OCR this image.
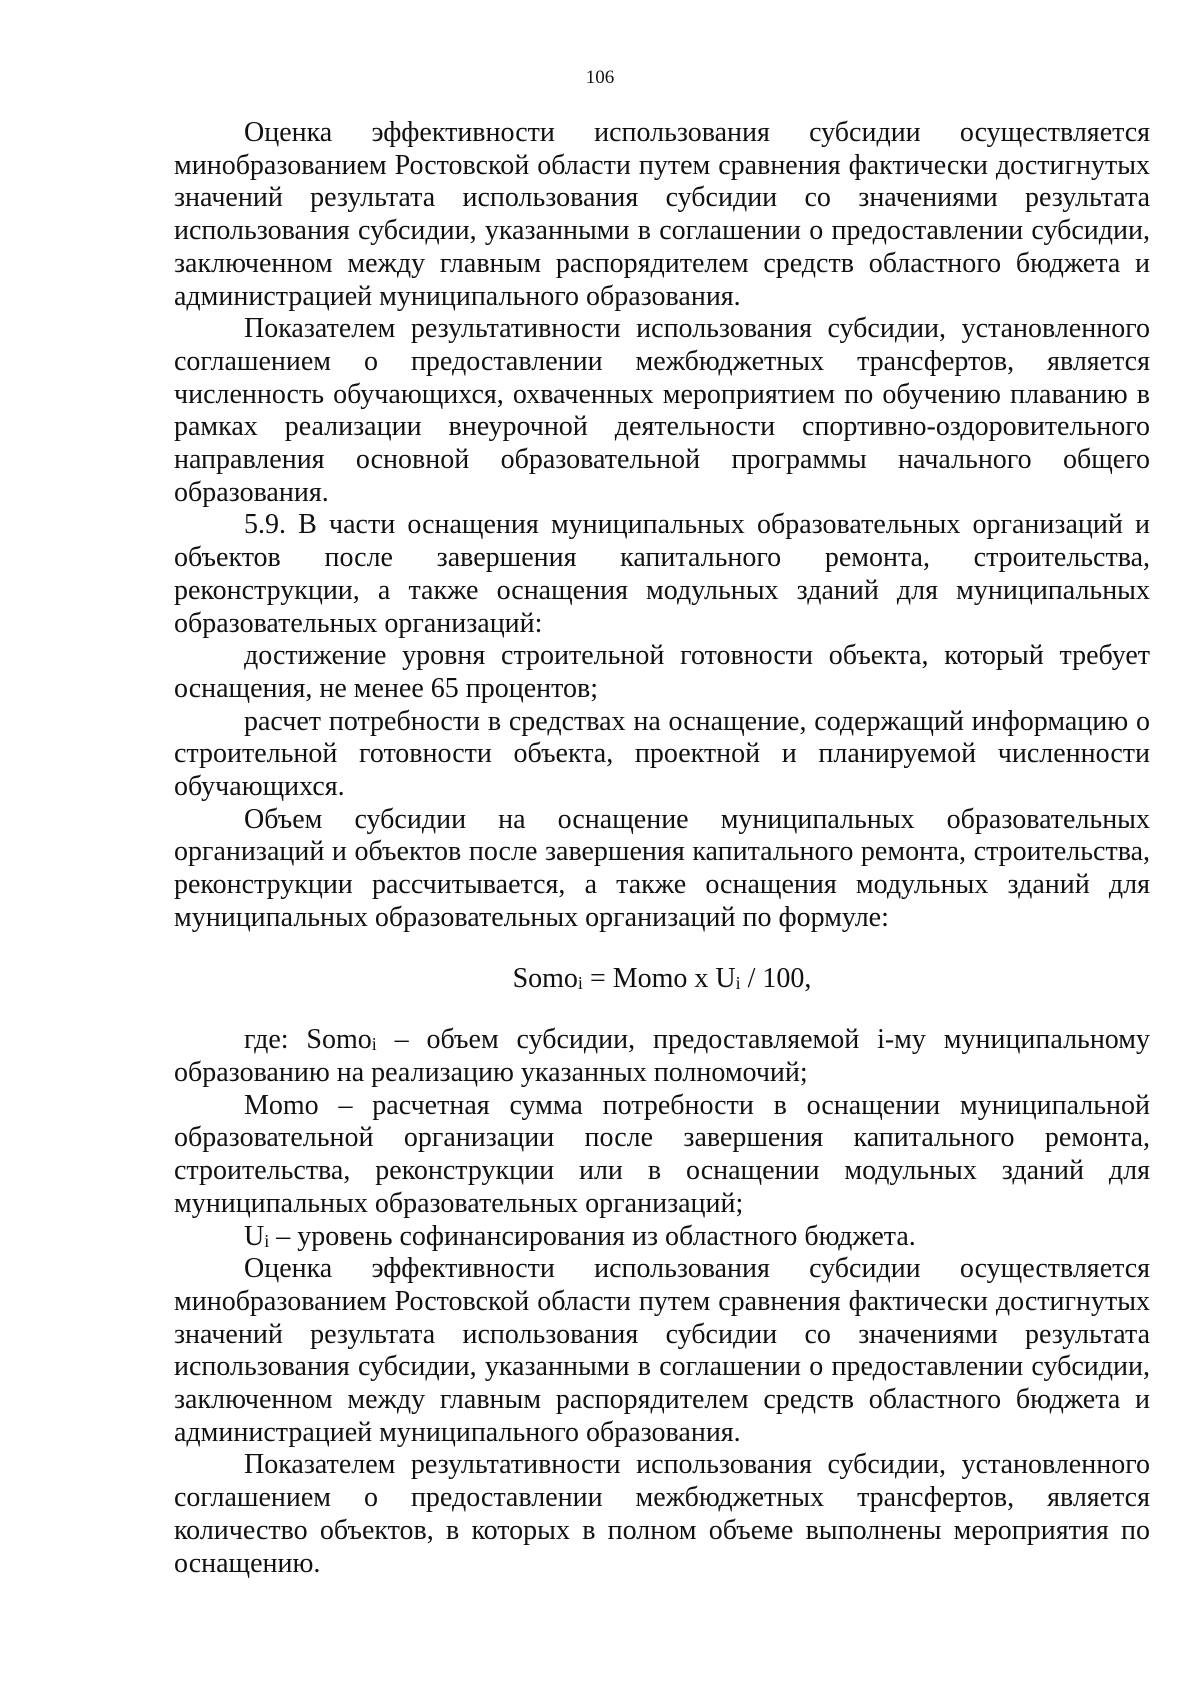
106

Оценка эффективности использования субсидии осуществляется минобразованием Ростовской области путем сравнения фактически достигнутых значений результата использования субсидии со значениями результата использования субсидии, указанными в соглашении о предоставлении субсидии, заключенном между главным распорядителем средств областного бюджета и администрацией муниципального образования.

Показателем результативности использования субсидии, установленного соглашением о предоставлении межбюджетных трансфертов, является численность обучающихся, охваченных мероприятием по обучению плаванию в рамках реализации внеурочной деятельности спортивно-оздоровительного направления основной образовательной программы начального общего образования.

5.9. В части оснащения муниципальных образовательных организаций и объектов после завершения капитального ремонта, строительства, реконструкции, а также оснащения модульных зданий для муниципальных образовательных организаций:

достижение уровня строительной готовности объекта, который требует оснащения, не менее 65 процентов;

расчет потребности в средствах на оснащение, содержащий информацию о строительной готовности объекта, проектной и планируемой численности обучающихся.

Объем субсидии на оснащение муниципальных образовательных организаций и объектов после завершения капитального ремонта, строительства, реконструкции рассчитывается, а также оснащения модульных зданий для муниципальных образовательных организаций по формуле:

Somo$_i$ = Momo х $U_i / 100$,

где: Somo$_i$ – объем субсидии, предоставляемой i-му муниципальному образованию на реализацию указанных полномочий;

Momo – расчетная сумма потребности в оснащении муниципальной образовательной организации после завершения капитального ремонта, строительства, реконструкции или в оснащении модульных зданий для муниципальных образовательных организаций;

$U_i$ – уровень софинансирования из областного бюджета.

Оценка эффективности использования субсидии осуществляется минобразованием Ростовской области путем сравнения фактически достигнутых значений результата использования субсидии со значениями результата использования субсидии, указанными в соглашении о предоставлении субсидии, заключенном между главным распорядителем средств областного бюджета и администрацией муниципального образования.

Показателем результативности использования субсидии, установленного соглашением о предоставлении межбюджетных трансфертов, является количество объектов, в которых в полном объеме выполнены мероприятия по оснащению.
